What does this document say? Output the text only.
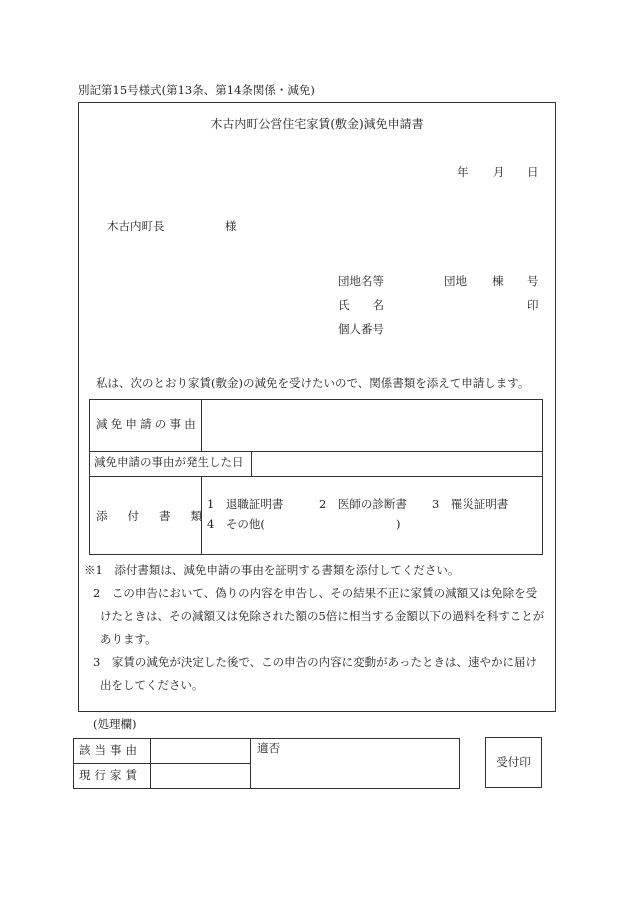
別記第15号様式(第13条、第14条関係・減免)
木古内町公営住宅家賃(敷金)減免申請書
年 月 日
木古内町長	様
団地名等	団地 棟 号
氏　　名	印
個人番号
私は、次のとおり家賃(敷金)の減免を受けたいので、関係書類を添えて申請します。
減免申請の事由
減免申請の事由が発生した日
添付書類
1　退職証明書	2　医師の診断書 3　罹災証明書
4　その他(	)
※1　添付書類は、減免申請の事由を証明する書類を添付してください。
2　この申告において、偽りの内容を申告し、その結果不正に家賃の減額又は免除を受
けたときは、その減額又は免除された額の5倍に相当する金額以下の過料を科すことが
あります。
3　家賃の減免が決定した後で、この申告の内容に変動があったときは、速やかに届け
出をしてください。
(処理欄)
該当事由
現行家賃
適否
受付印
